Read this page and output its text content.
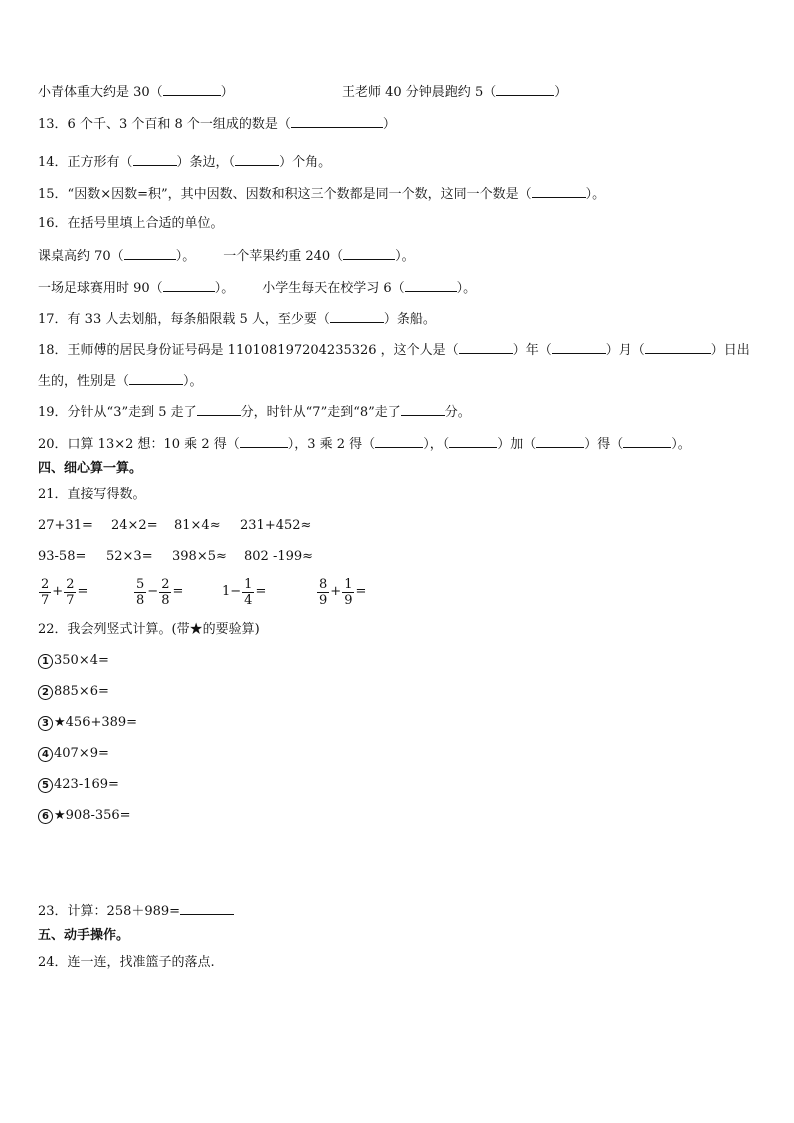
小青体重大约是 30（	）	王老师 40 分钟晨跑约 5（	）
13．6 个千、3 个百和 8 个一组成的数是（	）
14．正方形有（	）条边，（	）个角。
15．“因数×因数=积”，其中因数、因数和积这三个数都是同一个数，这同一个数是（	）。
16．在括号里填上合适的单位。
课桌高约 70（	）。 一个苹果约重 240（	）。
一场足球赛用时 90（	）。 小学生每天在校学习 6（	）。
17．有 33 人去划船，每条船限载 5 人，至少要（	）条船。
18．王师傅的居民身份证号码是 110108197204235326 ，这个人是（	）年（	）月（	）日出
生的，性别是（	）。
19．分针从“3”走到 5 走了	分，时针从“7”走到“8”走了	分。
20．口算 13×2 想：10 乘 2 得（	），3 乘 2 得（	），（	）加（	）得（	）。
四、细心算一算。
21．直接写得数。
27+31= 24×2= 81×4≈ 231+452≈
93-58= 52×3= 398×5≈ 802 -199≈
$\frac{2}{7} + \frac{2}{7}$ =	$\frac{5}{8} - \frac{2}{8}$ =	$1- \frac{1}{4}$ =	$\frac{8}{9} + \frac{1}{9}$ =
22．我会列竖式计算。(带★的要验算)
1 350×4=
2 885×6=
3 ★456+389=
4 407×9=
5 423-169=
6 ★908-356=
23．计算：258＋989=
五、动手操作。
24．连一连，找准篮子的落点.
